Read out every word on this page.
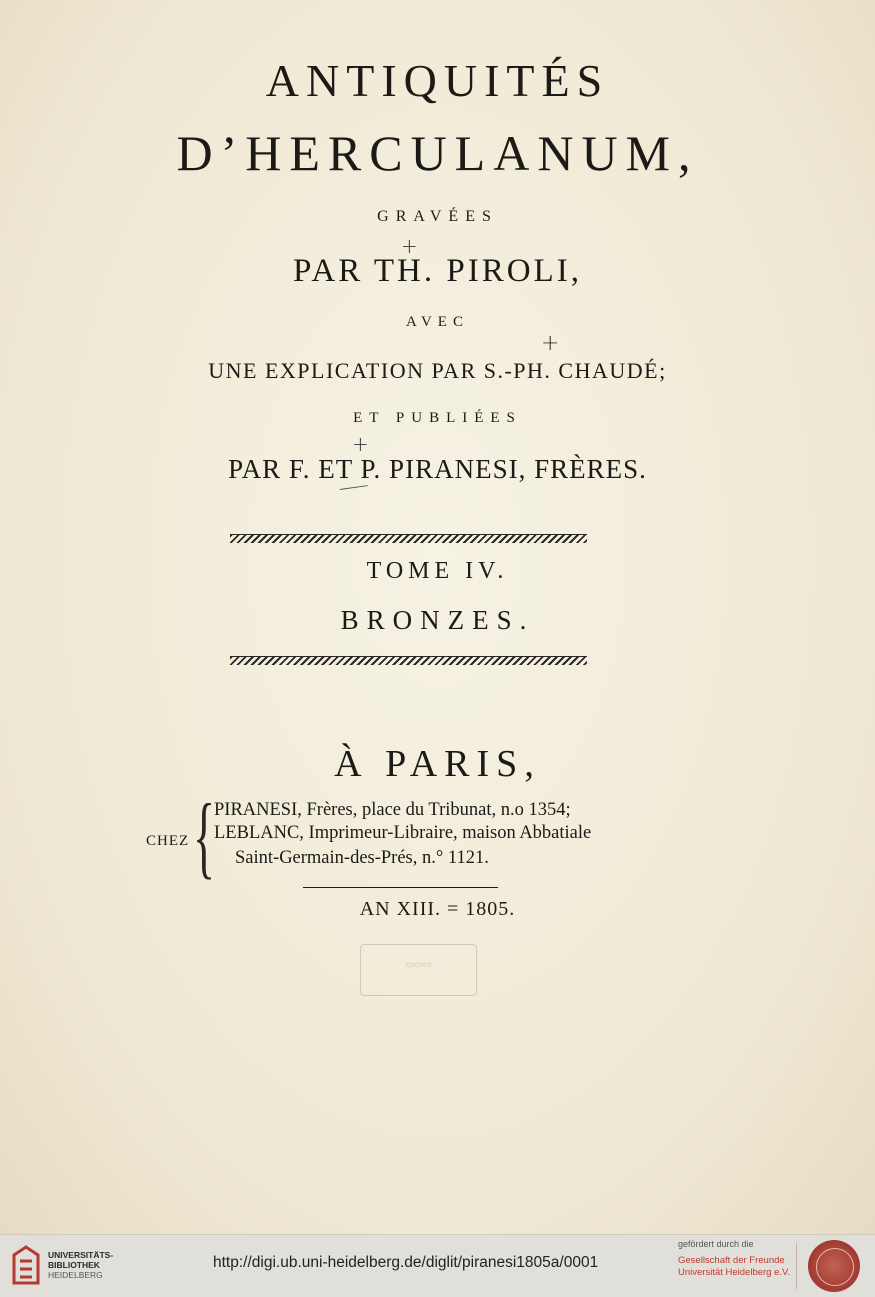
ANTIQUITÉS
D’HERCULANUM,
GRAVÉES
PAR TH. PIROLI,
AVEC
UNE EXPLICATION PAR S.-PH. CHAUDÉ;
ET PUBLIÉES
PAR F. ET P. PIRANESI, FRÈRES.
TOME IV.
BRONZES.
À PARIS,
CHEZ {
PIRANESI, Frères, place du Tribunat, n.o 1354;
LEBLANC, Imprimeur-Libraire, maison Abbatiale
Saint-Germain-des-Prés, n.° 1121.
AN XIII. = 1805.
▭▭▭
+
+
+
UNIVERSITÄTS-
BIBLIOTHEK
HEIDELBERG
http://digi.ub.uni-heidelberg.de/diglit/piranesi1805a/0001
gefördert durch die
Gesellschaft der Freunde
Universität Heidelberg e.V.
